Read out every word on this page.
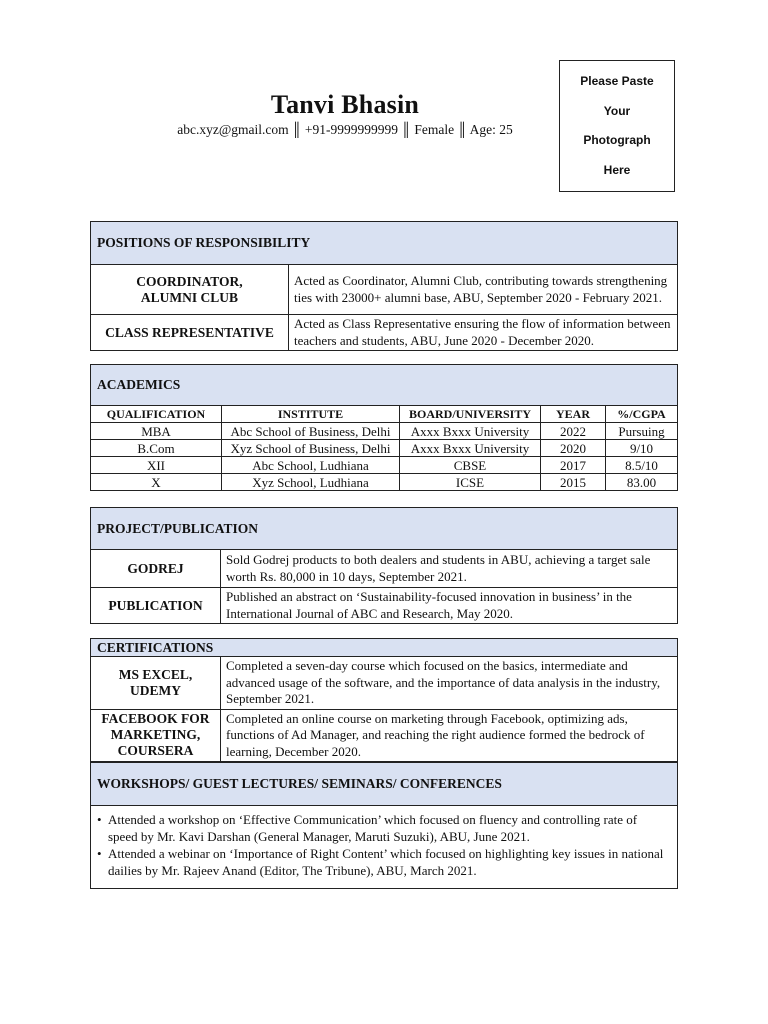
Tanvi Bhasin
abc.xyz@gmail.com ║ +91-9999999999 ║ Female ║ Age: 25
Please Paste
Your
Photograph
Here
POSITIONS OF RESPONSIBILITY
COORDINATOR,
ALUMNI CLUB	Acted as Coordinator, Alumni Club, contributing towards strengthening ties with 23000+ alumni base, ABU, September 2020 - February 2021.
CLASS REPRESENTATIVE	Acted as Class Representative ensuring the flow of information between teachers and students, ABU, June 2020 - December 2020.
ACADEMICS
QUALIFICATION	INSTITUTE	BOARD/UNIVERSITY	YEAR	%/CGPA
MBA	Abc School of Business, Delhi	Axxx Bxxx University	2022	Pursuing
B.Com	Xyz School of Business, Delhi	Axxx Bxxx University	2020	9/10
XII	Abc School, Ludhiana	CBSE	2017	8.5/10
X	Xyz School, Ludhiana	ICSE	2015	83.00
PROJECT/PUBLICATION
GODREJ	Sold Godrej products to both dealers and students in ABU, achieving a target sale worth Rs. 80,000 in 10 days, September 2021.
PUBLICATION	Published an abstract on ‘Sustainability-focused innovation in business’ in the International Journal of ABC and Research, May 2020.
CERTIFICATIONS	
MS EXCEL,
UDEMY	Completed a seven-day course which focused on the basics, intermediate and advanced usage of the software, and the importance of data analysis in the industry, September 2021.
FACEBOOK FOR
MARKETING,
COURSERA	Completed an online course on marketing through Facebook, optimizing ads, functions of Ad Manager, and reaching the right audience formed the bedrock of learning, December 2020.
WORKSHOPS/ GUEST LECTURES/ SEMINARS/ CONFERENCES
• Attended a workshop on ‘Effective Communication’ which focused on fluency and controlling rate of speed by Mr. Kavi Darshan (General Manager, Maruti Suzuki), ABU, June 2021.
• Attended a webinar on ‘Importance of Right Content’ which focused on highlighting key issues in national dailies by Mr. Rajeev Anand (Editor, The Tribune), ABU, March 2021.
